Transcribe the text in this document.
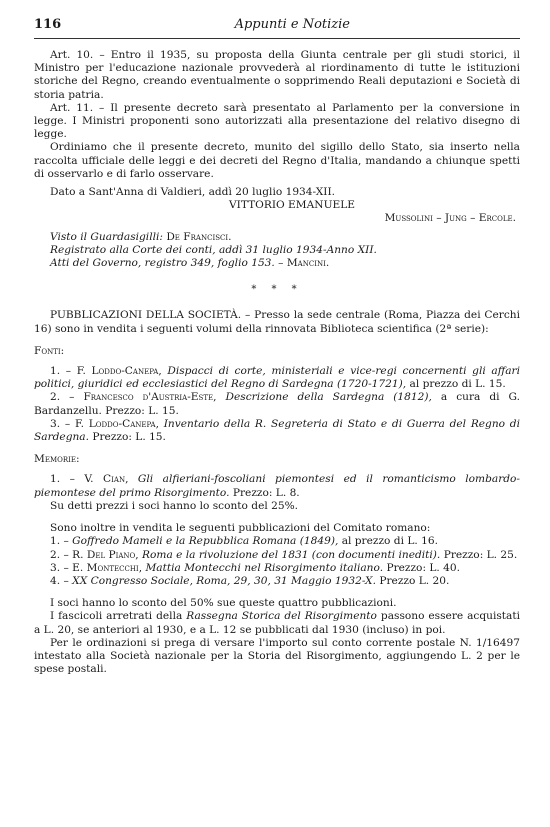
116	Appunti e Notizie

Art. 10. – Entro il 1935, su proposta della Giunta centrale per gli studi storici, il Ministro per l'educazione nazionale provvederà al riordinamento di tutte le istituzioni storiche del Regno, creando eventualmente o sopprimendo Reali deputazioni e Società di storia patria.

Art. 11. – Il presente decreto sarà presentato al Parlamento per la conversione in legge. I Ministri proponenti sono autorizzati alla presentazione del relativo disegno di legge.

Ordiniamo che il presente decreto, munito del sigillo dello Stato, sia inserto nella raccolta ufficiale delle leggi e dei decreti del Regno d'Italia, mandando a chiunque spetti di osservarlo e di farlo osservare.

Dato a Sant'Anna di Valdieri, addì 20 luglio 1934-XII.

VITTORIO EMANUELE

Mussolini – Jung – Ercole.

Visto il Guardasigilli: De Francisci.

Registrato alla Corte dei conti, addì 31 luglio 1934-Anno XII.

Atti del Governo, registro 349, foglio 153. – Mancini.

* * *

PUBBLICAZIONI DELLA SOCIETÀ. – Presso la sede centrale (Roma, Piazza dei Cerchi 16) sono in vendita i seguenti volumi della rinnovata Biblioteca scientifica (2ª serie):

Fonti:

1. – F. Loddo-Canepa, Dispacci di corte, ministeriali e vice-regi concernenti gli affari politici, giuridici ed ecclesiastici del Regno di Sardegna (1720-1721), al prezzo di L. 15.

2. – Francesco d'Austria-Este, Descrizione della Sardegna (1812), a cura di G. Bardanzellu. Prezzo: L. 15.

3. – F. Loddo-Canepa, Inventario della R. Segreteria di Stato e di Guerra del Regno di Sardegna. Prezzo: L. 15.

Memorie:

1. – V. Cian, Gli alfieriani-foscoliani piemontesi ed il romanticismo lombardo-piemontese del primo Risorgimento. Prezzo: L. 8.

Su detti prezzi i soci hanno lo sconto del 25%.

Sono inoltre in vendita le seguenti pubblicazioni del Comitato romano:

1. – Goffredo Mameli e la Repubblica Romana (1849), al prezzo di L. 16.

2. – R. Del Piano, Roma e la rivoluzione del 1831 (con documenti inediti). Prezzo: L. 25.

3. – E. Montecchi, Mattia Montecchi nel Risorgimento italiano. Prezzo: L. 40.

4. – XX Congresso Sociale, Roma, 29, 30, 31 Maggio 1932-X. Prezzo L. 20.

I soci hanno lo sconto del 50% sue queste quattro pubblicazioni.

I fascicoli arretrati della Rassegna Storica del Risorgimento passono essere acquistati a L. 20, se anteriori al 1930, e a L. 12 se pubblicati dal 1930 (incluso) in poi.

Per le ordinazioni si prega di versare l'importo sul conto corrente postale N. 1/16497 intestato alla Società nazionale per la Storia del Risorgimento, aggiungendo L. 2 per le spese postali.
